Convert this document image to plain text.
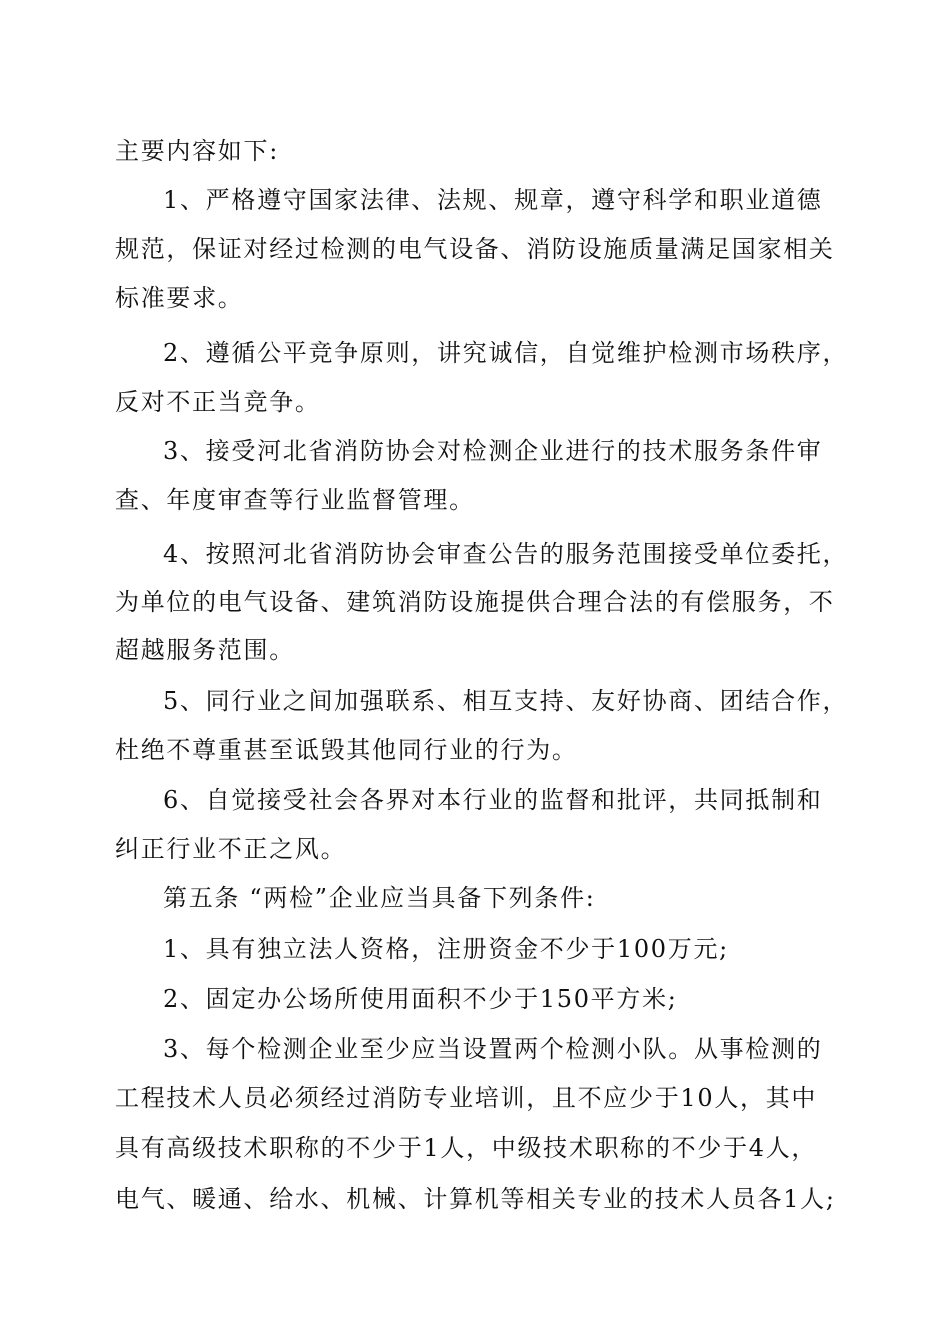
主要内容如下:
1、严格遵守国家法律、法规、规章，遵守科学和职业道德
规范，保证对经过检测的电气设备、消防设施质量满足国家相关
标准要求。
2、遵循公平竞争原则，讲究诚信，自觉维护检测市场秩序，
反对不正当竞争。
3、接受河北省消防协会对检测企业进行的技术服务条件审
查、年度审查等行业监督管理。
4、按照河北省消防协会审查公告的服务范围接受单位委托，
为单位的电气设备、建筑消防设施提供合理合法的有偿服务，不
超越服务范围。
5、同行业之间加强联系、相互支持、友好协商、团结合作，
杜绝不尊重甚至诋毁其他同行业的行为。
6、自觉接受社会各界对本行业的监督和批评，共同抵制和
纠正行业不正之风。
第五条 “两检”企业应当具备下列条件:
1、具有独立法人资格，注册资金不少于100万元;
2、固定办公场所使用面积不少于150平方米;
3、每个检测企业至少应当设置两个检测小队。从事检测的
工程技术人员必须经过消防专业培训，且不应少于10人，其中
具有高级技术职称的不少于1人，中级技术职称的不少于4人，
电气、暖通、给水、机械、计算机等相关专业的技术人员各1人;
